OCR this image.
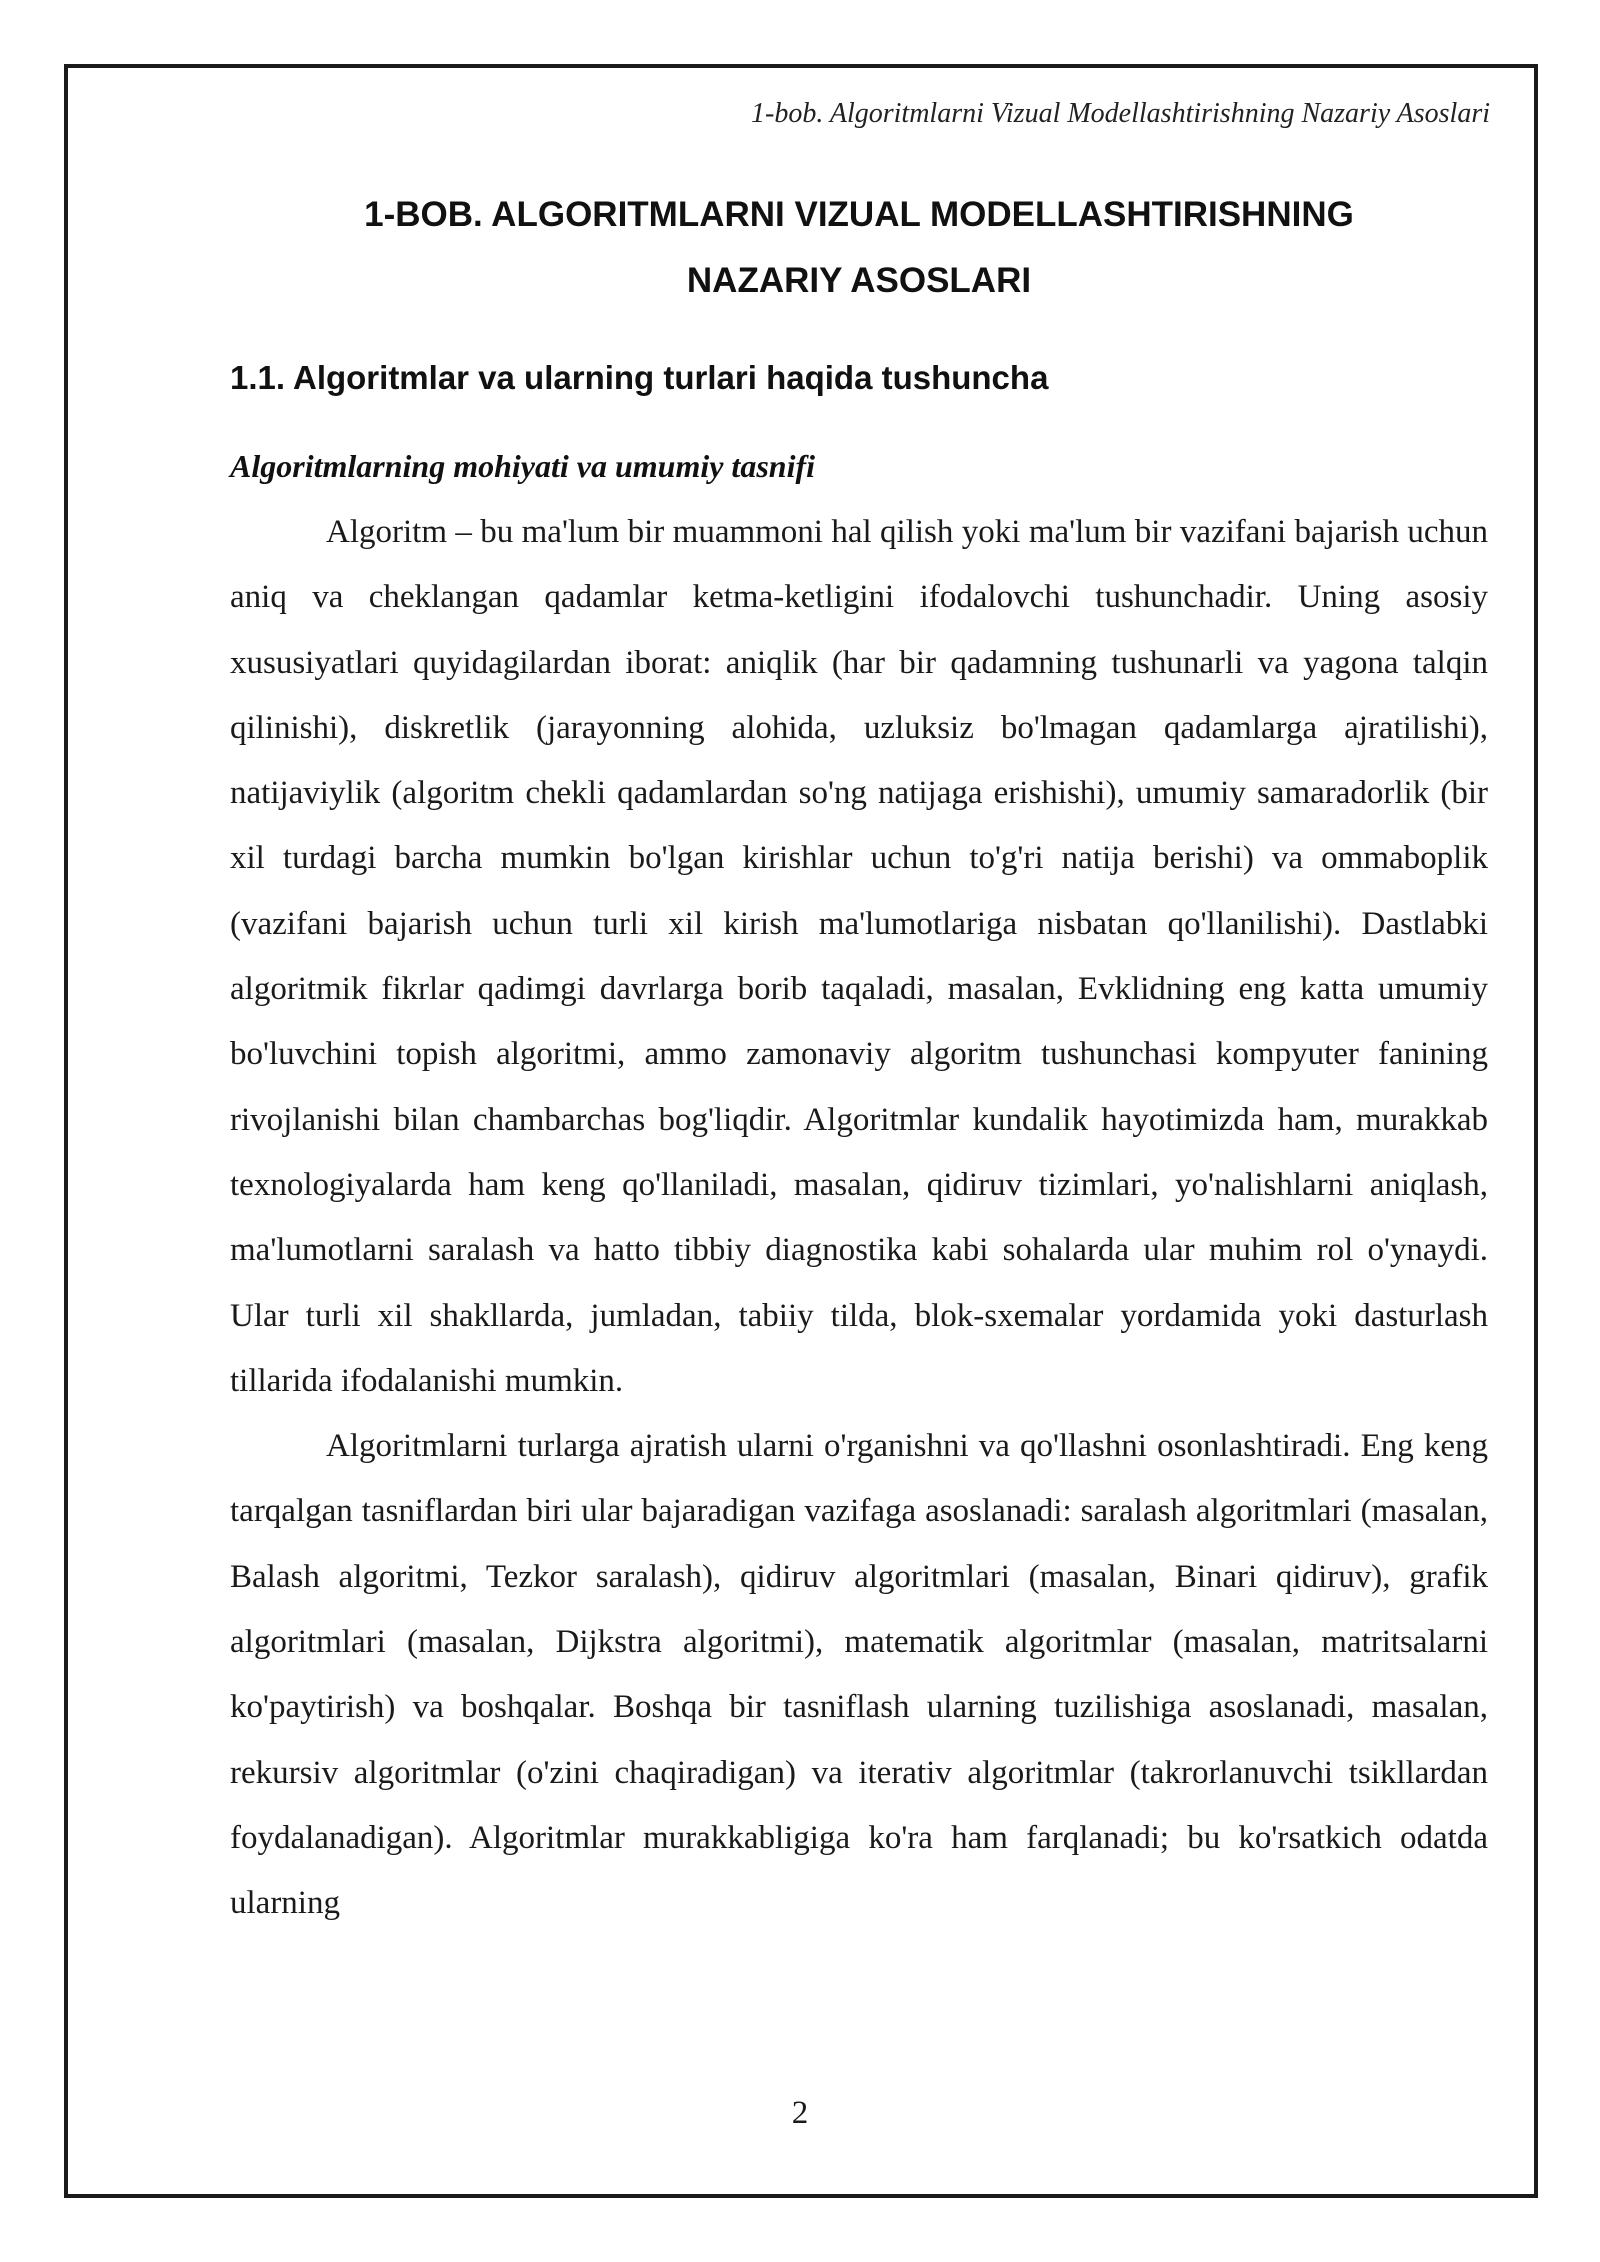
1-bob. Algoritmlarni Vizual Modellashtirishning Nazariy Asoslari
1-BOB. ALGORITMLARNI VIZUAL MODELLASHTIRISHNING
NAZARIY ASOSLARI
1.1. Algoritmlar va ularning turlari haqida tushuncha
Algoritmlarning mohiyati va umumiy tasnifi

Algoritm – bu ma'lum bir muammoni hal qilish yoki ma'lum bir vazifani bajarish uchun aniq va cheklangan qadamlar ketma-ketligini ifodalovchi tushunchadir. Uning asosiy xususiyatlari quyidagilardan iborat: aniqlik (har bir qadamning tushunarli va yagona talqin qilinishi), diskretlik (jarayonning alohida, uzluksiz bo'lmagan qadamlarga ajratilishi), natijaviylik (algoritm chekli qadamlardan so'ng natijaga erishishi), umumiy samaradorlik (bir xil turdagi barcha mumkin bo'lgan kirishlar uchun to'g'ri natija berishi) va ommaboplik (vazifani bajarish uchun turli xil kirish ma'lumotlariga nisbatan qo'llanilishi). Dastlabki algoritmik fikrlar qadimgi davrlarga borib taqaladi, masalan, Evklidning eng katta umumiy bo'luvchini topish algoritmi, ammo zamonaviy algoritm tushunchasi kompyuter fanining rivojlanishi bilan chambarchas bog'liqdir. Algoritmlar kundalik hayotimizda ham, murakkab texnologiyalarda ham keng qo'llaniladi, masalan, qidiruv tizimlari, yo'nalishlarni aniqlash, ma'lumotlarni saralash va hatto tibbiy diagnostika kabi sohalarda ular muhim rol o'ynaydi. Ular turli xil shakllarda, jumladan, tabiiy tilda, blok-sxemalar yordamida yoki dasturlash tillarida ifodalanishi mumkin.

Algoritmlarni turlarga ajratish ularni o'rganishni va qo'llashni osonlashtiradi. Eng keng tarqalgan tasniflardan biri ular bajaradigan vazifaga asoslanadi: saralash algoritmlari (masalan, Balash algoritmi, Tezkor saralash), qidiruv algoritmlari (masalan, Binari qidiruv), grafik algoritmlari (masalan, Dijkstra algoritmi), matematik algoritmlar (masalan, matritsalarni ko'paytirish) va boshqalar. Boshqa bir tasniflash ularning tuzilishiga asoslanadi, masalan, rekursiv algoritmlar (o'zini chaqiradigan) va iterativ algoritmlar (takrorlanuvchi tsikllardan foydalanadigan). Algoritmlar murakkabligiga ko'ra ham farqlanadi; bu ko'rsatkich odatda ularning

2
